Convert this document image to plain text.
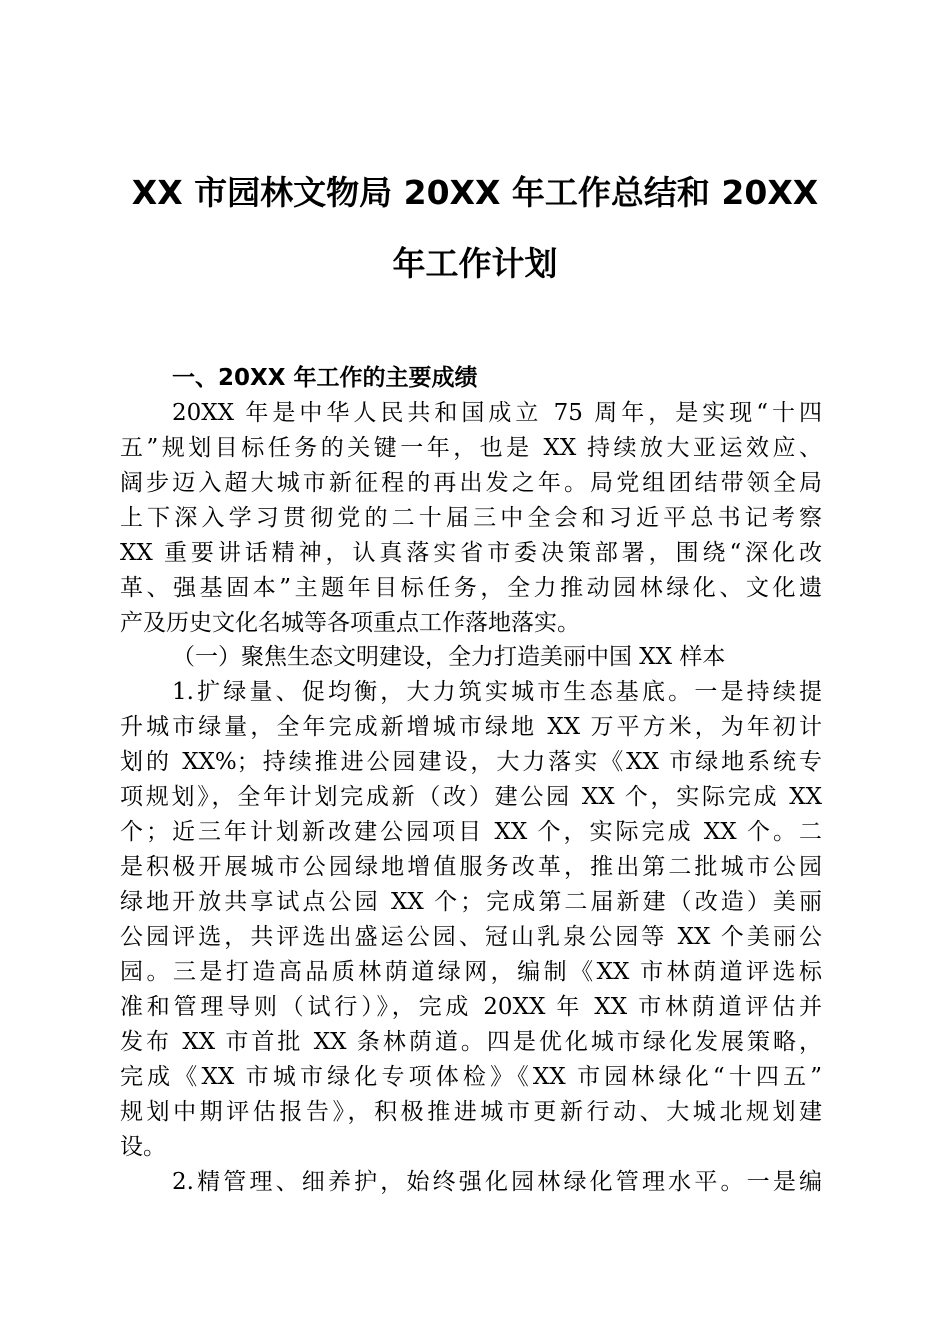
XX 市园林文物局 20XX 年工作总结和 20XX
年工作计划
一、20XX 年工作的主要成绩
20XX 年是中华人民共和国成立 75 周年，是实现“十四
五”规划目标任务的关键一年，也是 XX 持续放大亚运效应、
阔步迈入超大城市新征程的再出发之年。局党组团结带领全局
上下深入学习贯彻党的二十届三中全会和习近平总书记考察
XX 重要讲话精神，认真落实省市委决策部署，围绕“深化改
革、强基固本”主题年目标任务，全力推动园林绿化、文化遗
产及历史文化名城等各项重点工作落地落实。
（一）聚焦生态文明建设，全力打造美丽中国 XX 样本
1.扩绿量、促均衡，大力筑实城市生态基底。一是持续提
升城市绿量，全年完成新增城市绿地 XX 万平方米，为年初计
划的 XX%；持续推进公园建设，大力落实《XX 市绿地系统专
项规划》，全年计划完成新（改）建公园 XX 个，实际完成 XX
个；近三年计划新改建公园项目 XX 个，实际完成 XX 个。二
是积极开展城市公园绿地增值服务改革，推出第二批城市公园
绿地开放共享试点公园 XX 个；完成第二届新建（改造）美丽
公园评选，共评选出盛运公园、冠山乳泉公园等 XX 个美丽公
园。三是打造高品质林荫道绿网，编制《XX 市林荫道评选标
准和管理导则（试行）》，完成 20XX 年 XX 市林荫道评估并
发布 XX 市首批 XX 条林荫道。四是优化城市绿化发展策略，
完成《XX 市城市绿化专项体检》《XX 市园林绿化“十四五”
规划中期评估报告》，积极推进城市更新行动、大城北规划建
设。
2.精管理、细养护，始终强化园林绿化管理水平。一是编
